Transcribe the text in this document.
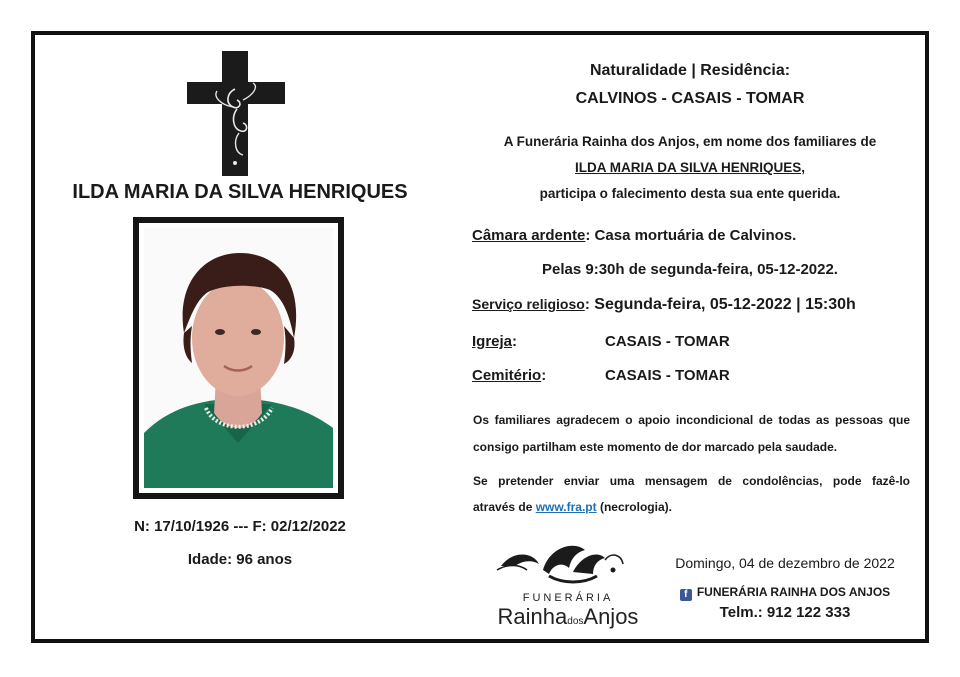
ILDA MARIA DA SILVA HENRIQUES
N: 17/10/1926 --- F: 02/12/2022
Idade: 96 anos
Naturalidade | Residência:
CALVINOS - CASAIS - TOMAR
A Funerária Rainha dos Anjos, em nome dos familiares de
ILDA MARIA DA SILVA HENRIQUES,
participa o falecimento desta sua ente querida.
Câmara ardente: Casa mortuária de Calvinos.
Pelas 9:30h de segunda-feira, 05-12-2022.
Serviço religioso: Segunda-feira, 05-12-2022 | 15:30h
Igreja:	CASAIS - TOMAR
Cemitério:	CASAIS - TOMAR
Os familiares agradecem o apoio incondicional de todas as pessoas que
consigo partilham este momento de dor marcado pela saudade.
Se pretender enviar uma mensagem de condolências, pode fazê-lo
através de www.fra.pt (necrologia).
FUNERÁRIA
RainhadosAnjos
Domingo, 04 de dezembro de 2022
f FUNERÁRIA RAINHA DOS ANJOS
Telm.: 912 122 333
